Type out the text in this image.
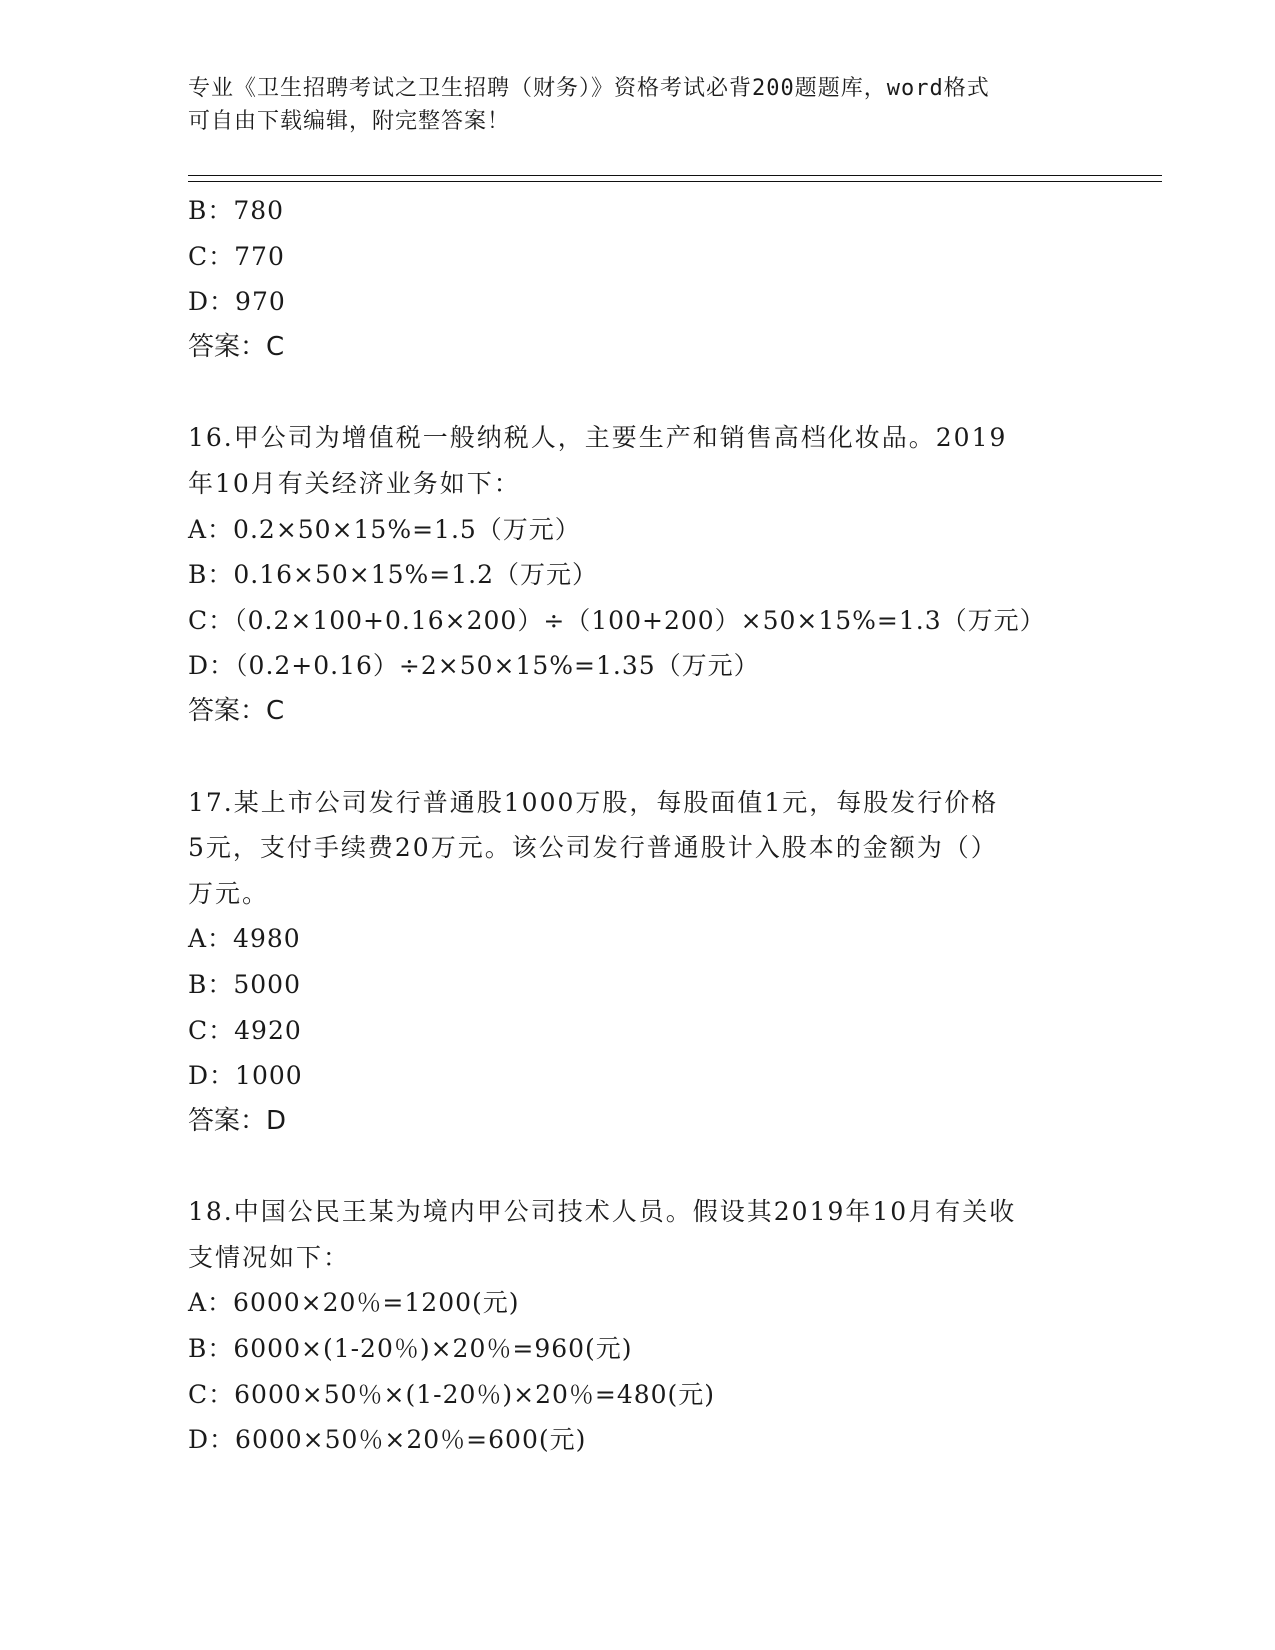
专业《卫生招聘考试之卫生招聘（财务）》资格考试必背200题题库，word格式
可自由下载编辑，附完整答案！
B：780
C：770
D：970
答案：C
16.甲公司为增值税一般纳税人，主要生产和销售高档化妆品。2019
年10月有关经济业务如下：
A：0.2×50×15%=1.5（万元）
B：0.16×50×15%=1.2（万元）
C：（0.2×100+0.16×200）÷（100+200）×50×15%=1.3（万元）
D：（0.2+0.16）÷2×50×15%=1.35（万元）
答案：C
17.某上市公司发行普通股1000万股，每股面值1元，每股发行价格
5元，支付手续费20万元。该公司发行普通股计入股本的金额为（）
万元。
A：4980
B：5000
C：4920
D：1000
答案：D
18.中国公民王某为境内甲公司技术人员。假设其2019年10月有关收
支情况如下：
A：6000×20％=1200(元)
B：6000×(1-20％)×20％=960(元)
C：6000×50％×(1-20％)×20％=480(元)
D：6000×50％×20％=600(元)
